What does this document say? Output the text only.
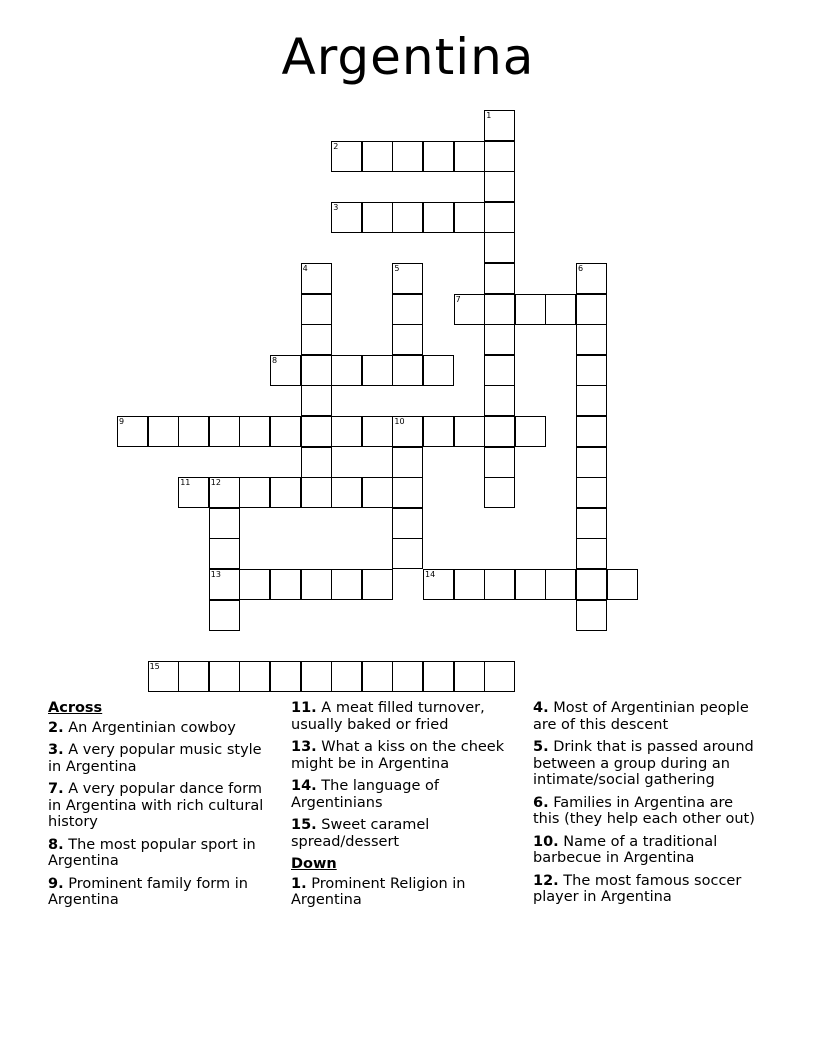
Argentina
1
2
3
4	5	6
7
8
9	10
11	12
13	14
15
Across
2. An Argentinian cowboy
3. A very popular music style in Argentina
7. A very popular dance form in Argentina with rich cultural history
8. The most popular sport in Argentina
9. Prominent family form in Argentina
11. A meat filled turnover, usually baked or fried
13. What a kiss on the cheek might be in Argentina
14. The language of Argentinians
15. Sweet caramel spread/dessert
Down
1. Prominent Religion in Argentina
4. Most of Argentinian people are of this descent
5. Drink that is passed around between a group during an intimate/social gathering
6. Families in Argentina are this (they help each other out)
10. Name of a traditional barbecue in Argentina
12. The most famous soccer player in Argentina
